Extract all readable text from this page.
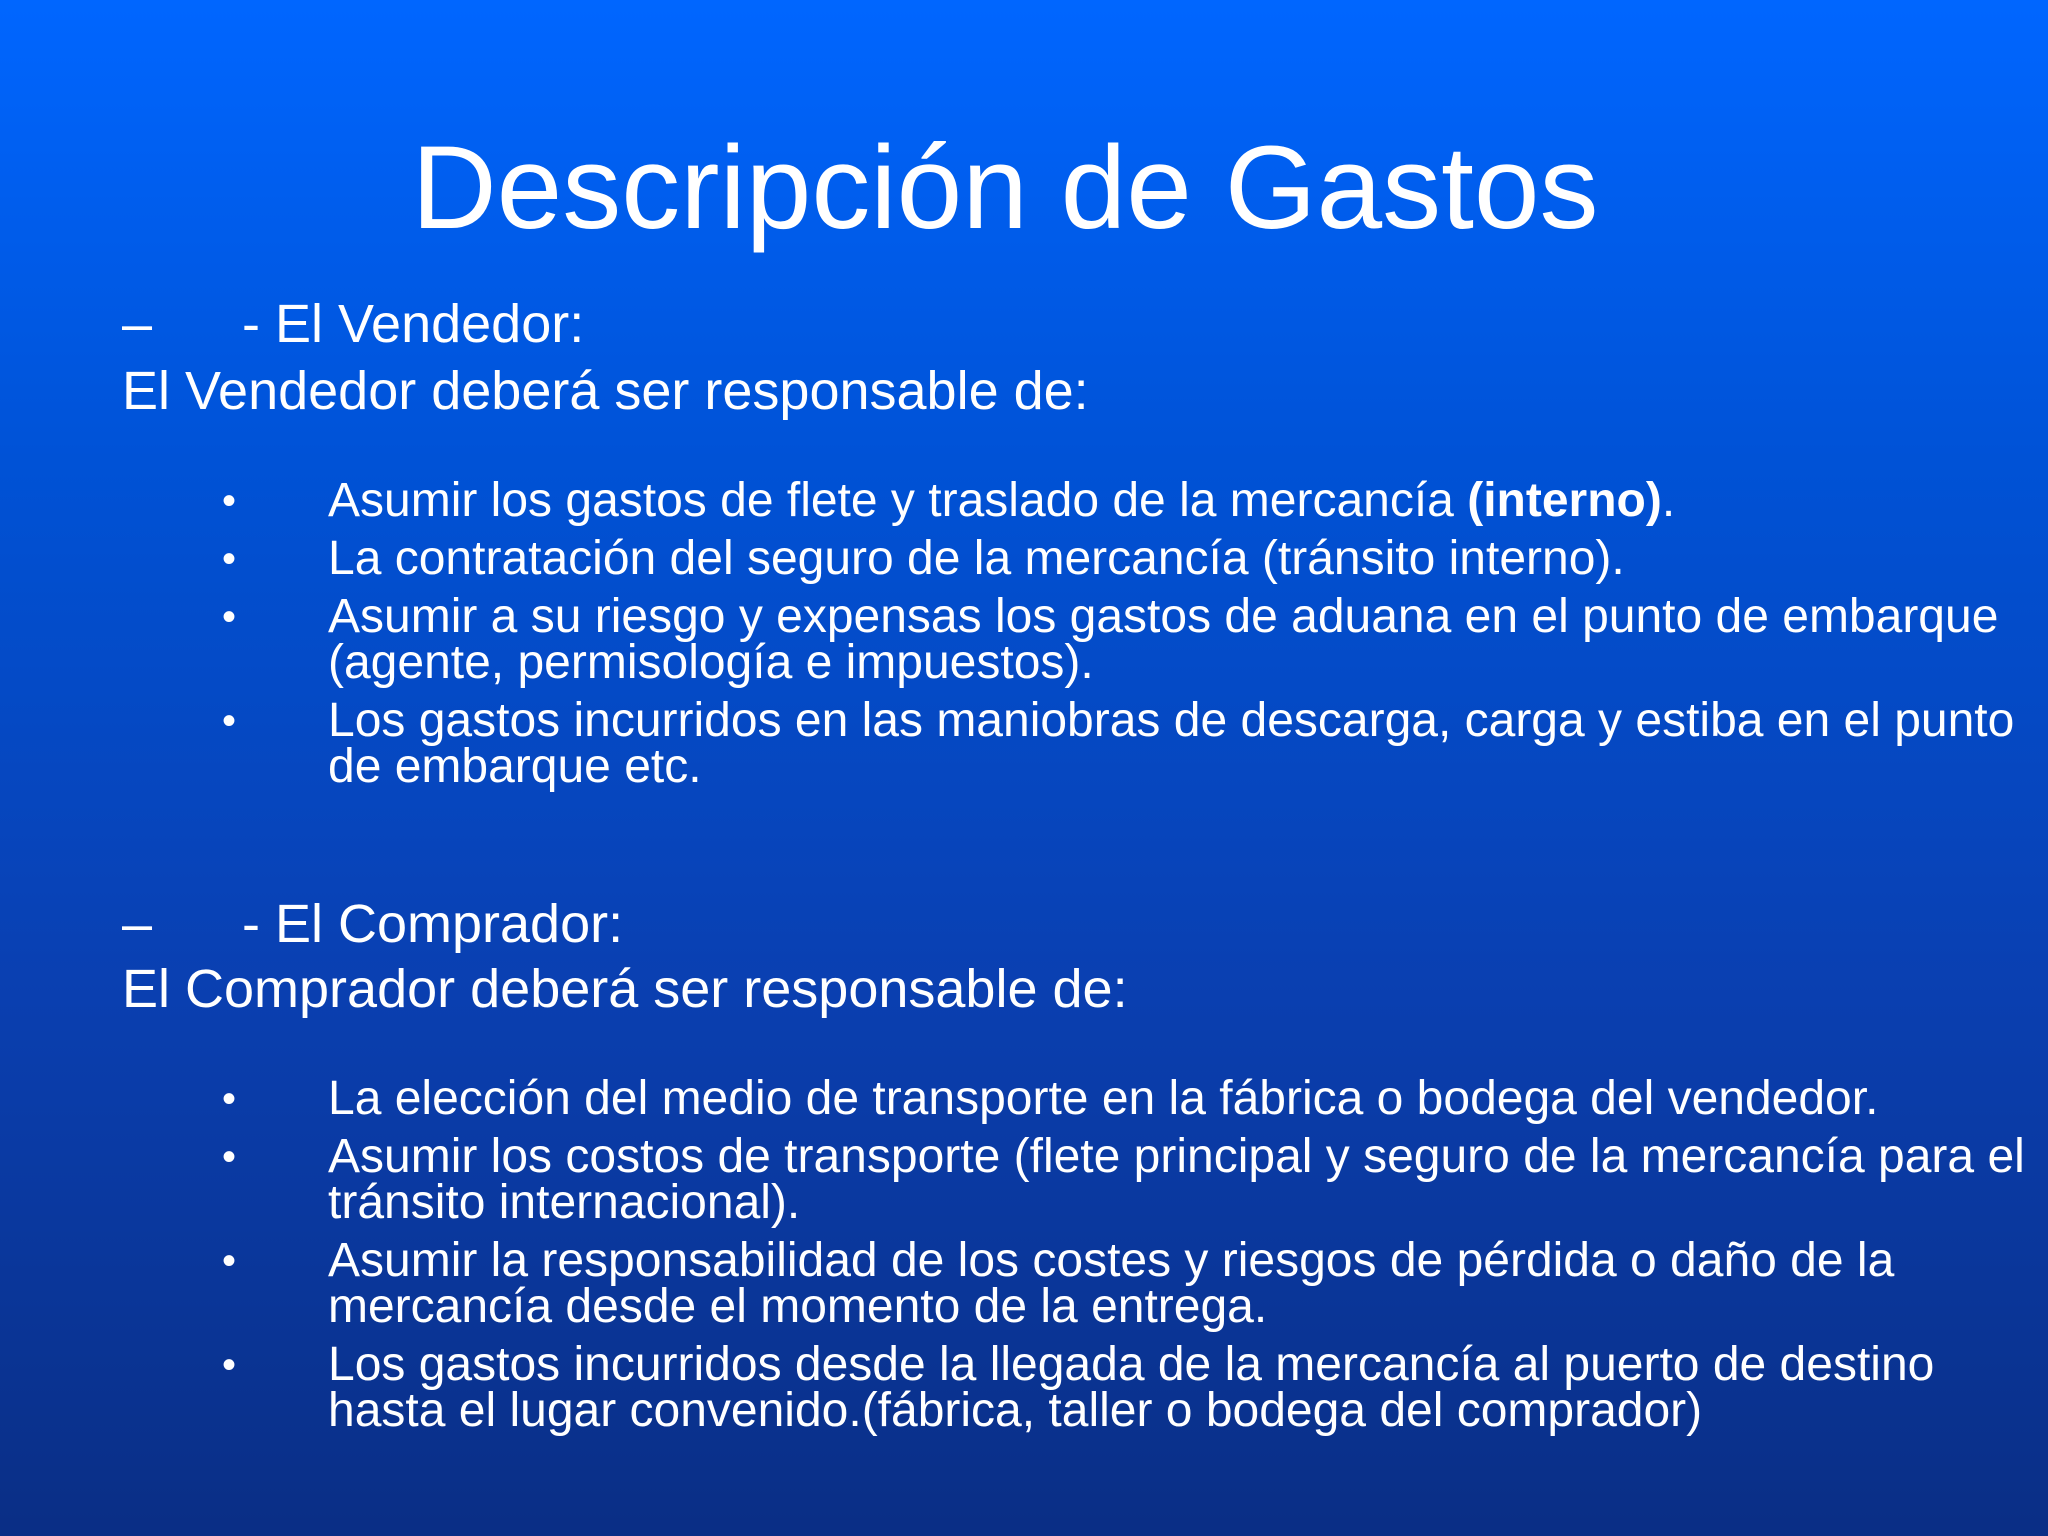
Descripción de Gastos
– - El Vendedor:
El Vendedor deberá ser responsable de:
• Asumir los gastos de flete y traslado de la mercancía (interno).
• La contratación del seguro de la mercancía (tránsito interno).
• Asumir a su riesgo y expensas los gastos de aduana en el punto de embarque (agente, permisología e impuestos).
• Los gastos incurridos en las maniobras de descarga, carga y estiba en el punto de embarque etc.
– - El Comprador:
El Comprador deberá ser responsable de:
• La elección del medio de transporte en la fábrica o bodega del vendedor.
• Asumir los costos de transporte (flete principal y seguro de la mercancía para el tránsito internacional).
• Asumir la responsabilidad de los costes y riesgos de pérdida o daño de la mercancía desde el momento de la entrega.
• Los gastos incurridos desde la llegada de la mercancía al puerto de destino hasta el lugar convenido.(fábrica, taller o bodega del comprador)
